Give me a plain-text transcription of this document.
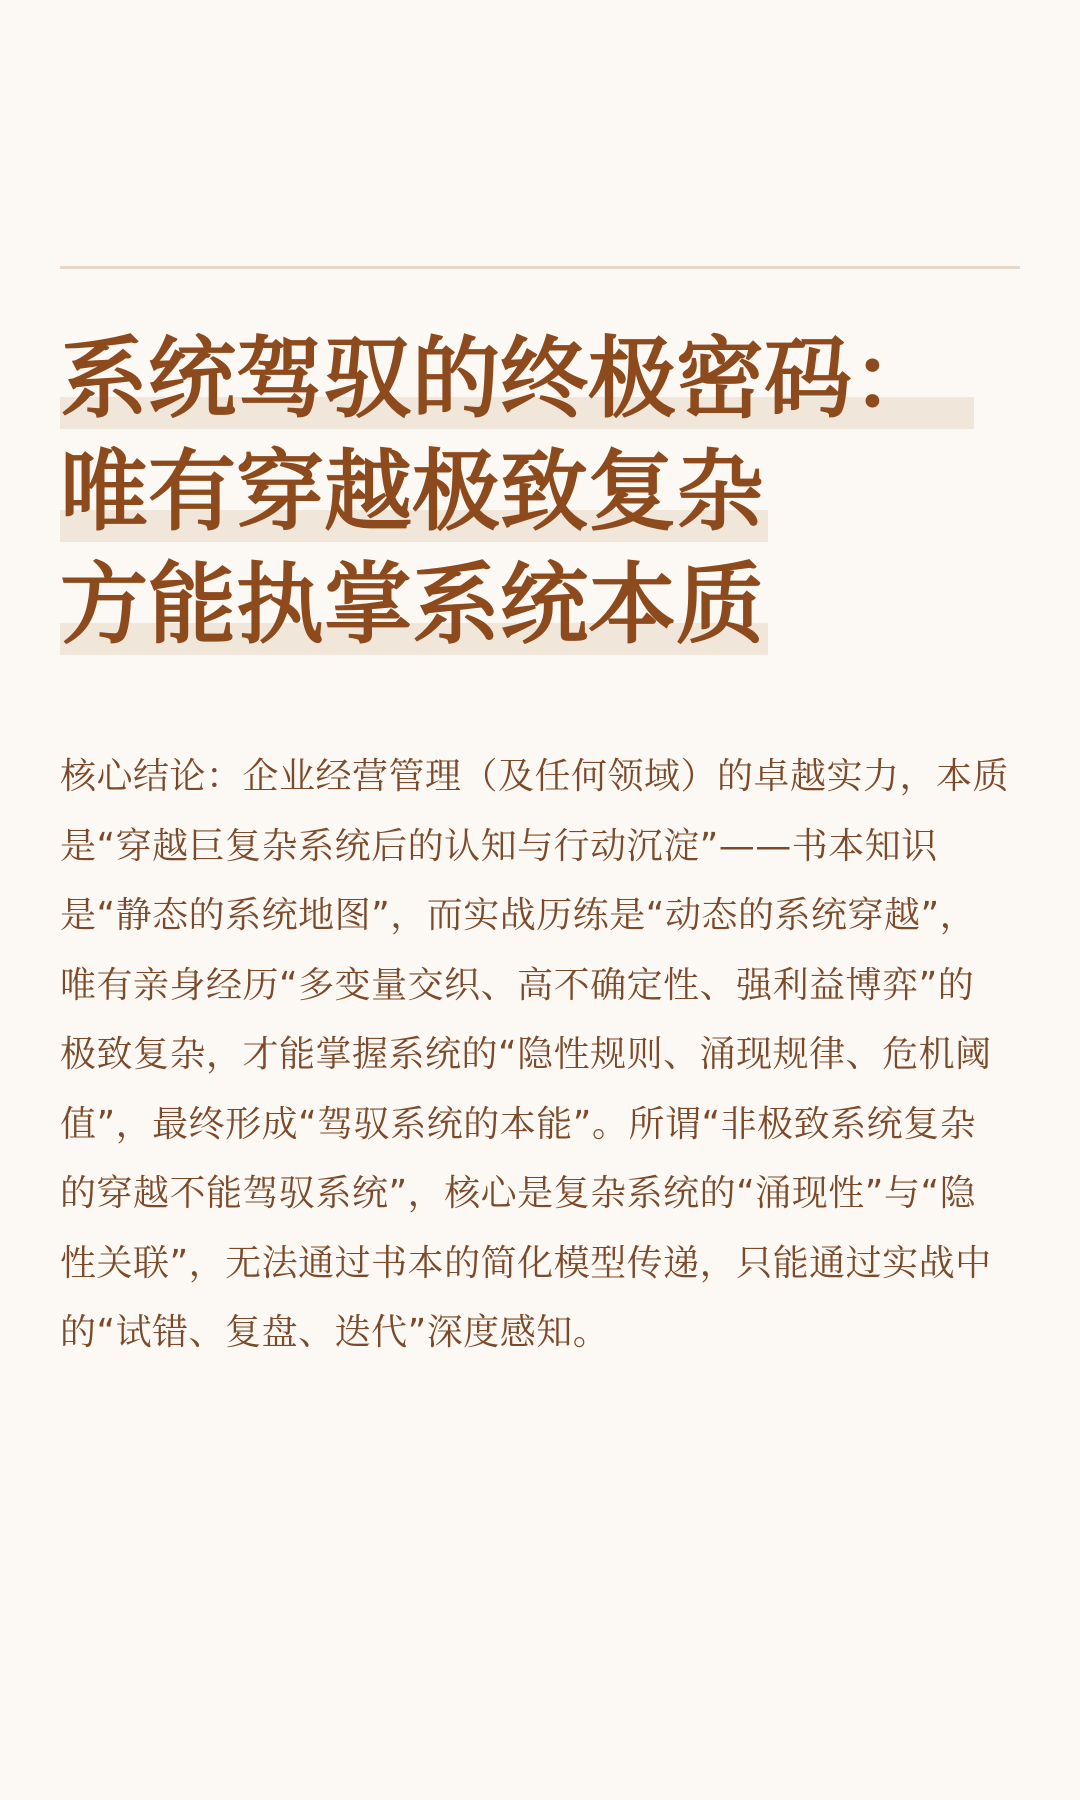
系统驾驭的终极密码：
唯有穿越极致复杂
方能执掌系统本质
核心结论：企业经营管理（及任何领域）的卓越实力，本质是“穿越巨复杂系统后的认知与行动沉淀”——书本知识是“静态的系统地图”，而实战历练是“动态的系统穿越”，唯有亲身经历“多变量交织、高不确定性、强利益博弈”的极致复杂，才能掌握系统的“隐性规则、涌现规律、危机阈值”，最终形成“驾驭系统的本能”。所谓“非极致系统复杂的穿越不能驾驭系统”，核心是复杂系统的“涌现性”与“隐性关联”，无法通过书本的简化模型传递，只能通过实战中的“试错、复盘、迭代”深度感知。
